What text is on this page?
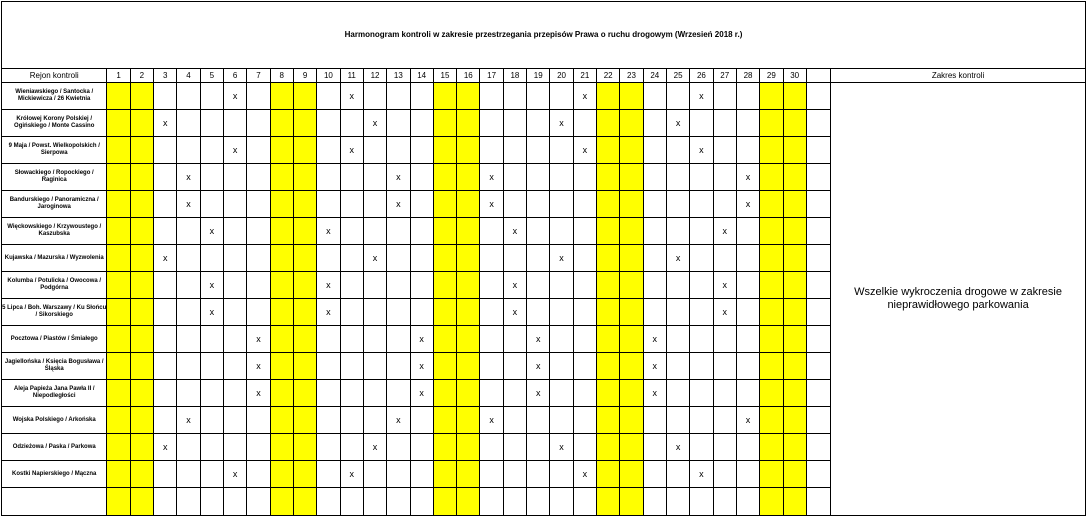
Harmonogram kontroli w zakresie przestrzegania przepisów Prawa o ruchu drogowym (Wrzesień 2018 r.)																																
Rejon kontroli	1	2	3	4	5	6	7	8	9	10	11	12	13	14	15	16	17	18	19	20	21	22	23	24	25	26	27	28	29	30		Zakres kontroli
Wieniawskiego / Santocka / Mickiewicza / 26 Kwietnia						x					x										x					x						Wszelkie wykroczenia drogowe w zakresie nieprawidłowego parkowania
Królowej Korony Polskiej / Ogińskiego / Monte Cassino			x									x								x					x							
9 Maja / Powst. Wielkopolskich / Sierpowa						x					x										x					x						
Słowackiego / Ropockiego / Raginica				x									x				x											x				
Bandurskiego / Panoramiczna / Jaroginowa				x									x				x											x				
Więckowskiego / Krzywoustego / Kaszubska					x					x								x									x					
Kujawska / Mazurska / Wyzwolenia			x									x								x					x							
Kolumba / Potulicka / Owocowa / Podgórna					x					x								x									x					
5 Lipca / Boh. Warszawy / Ku Słońcu / Sikorskiego					x					x								x									x					
Pocztowa / Piastów / Śmiałego							x							x					x					x								
Jagiellońska / Księcia Bogusława / Śląska							x							x					x					x								
Aleja Papieża Jana Pawła II / Niepodległości							x							x					x					x								
Wojska Polskiego / Arkońska				x									x				x											x				
Odzieżowa / Paska / Parkowa			x									x								x					x							
Kostki Napierskiego / Mączna						x					x										x					x						
